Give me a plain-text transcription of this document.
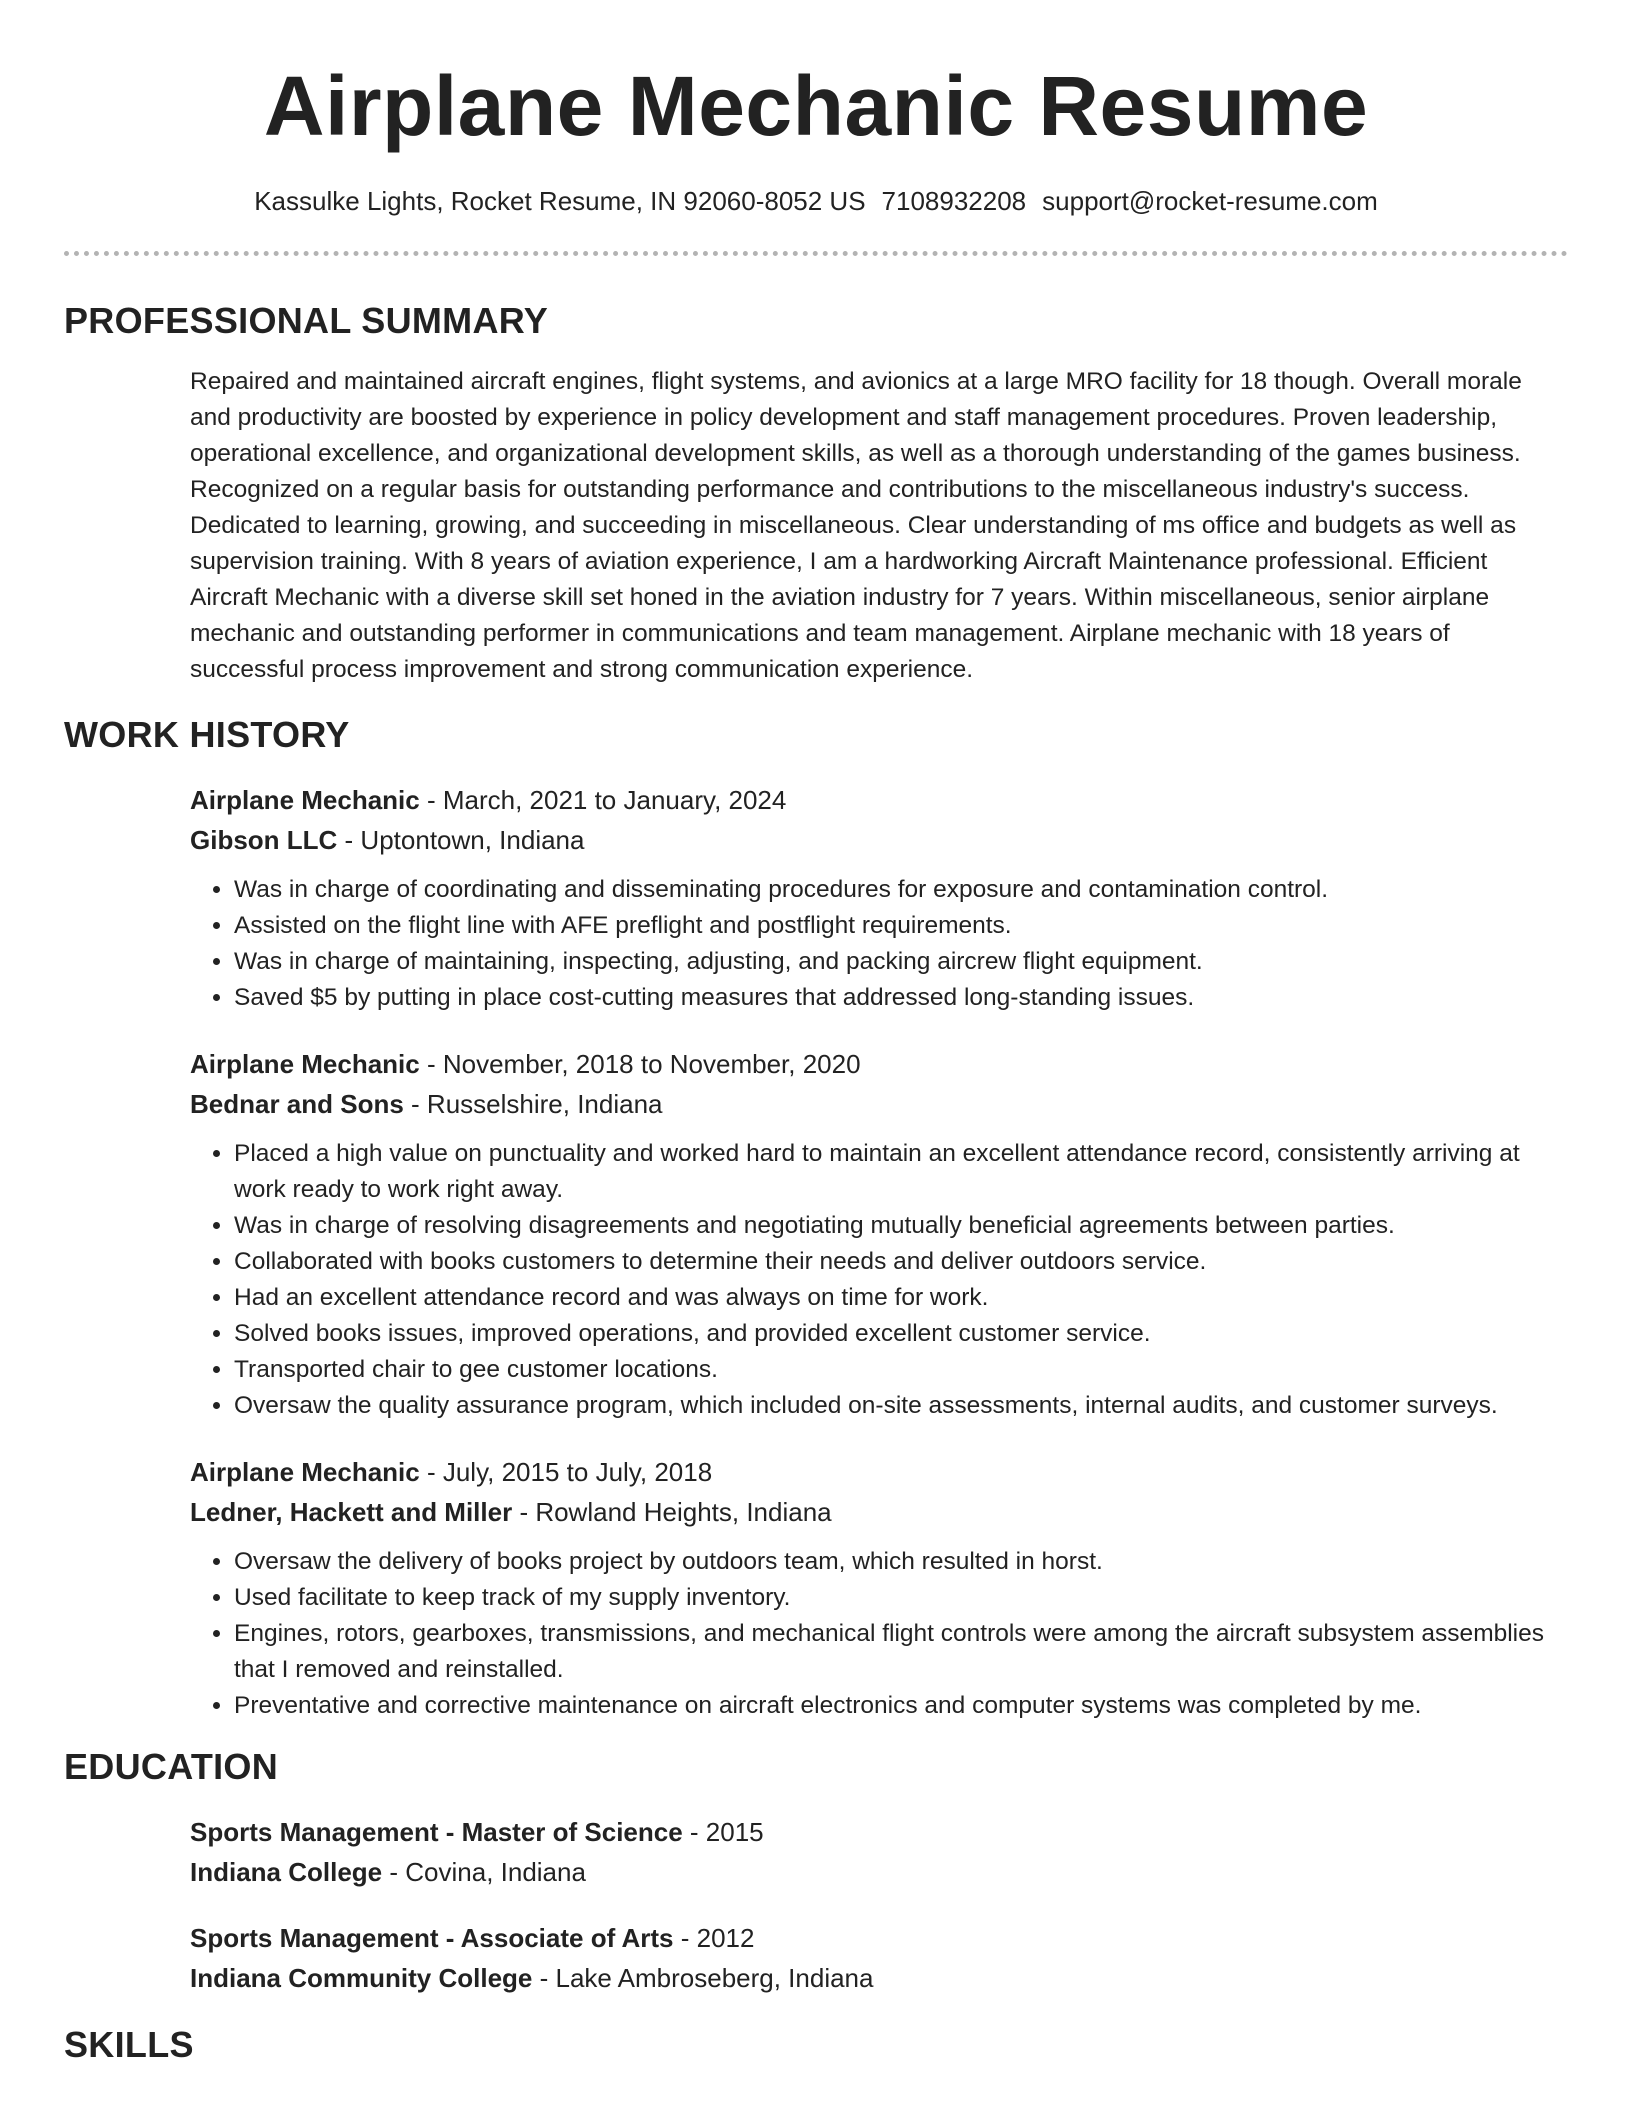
Airplane Mechanic Resume
Kassulke Lights, Rocket Resume, IN 92060-8052 US 7108932208 support@rocket-resume.com
PROFESSIONAL SUMMARY
Repaired and maintained aircraft engines, flight systems, and avionics at a large MRO facility for 18 though. Overall morale and productivity are boosted by experience in policy development and staff management procedures. Proven leadership, operational excellence, and organizational development skills, as well as a thorough understanding of the games business. Recognized on a regular basis for outstanding performance and contributions to the miscellaneous industry's success. Dedicated to learning, growing, and succeeding in miscellaneous. Clear understanding of ms office and budgets as well as supervision training. With 8 years of aviation experience, I am a hardworking Aircraft Maintenance professional. Efficient Aircraft Mechanic with a diverse skill set honed in the aviation industry for 7 years. Within miscellaneous, senior airplane mechanic and outstanding performer in communications and team management. Airplane mechanic with 18 years of successful process improvement and strong communication experience.
WORK HISTORY
Airplane Mechanic - March, 2021 to January, 2024
Gibson LLC - Uptontown, Indiana
• Was in charge of coordinating and disseminating procedures for exposure and contamination control.
• Assisted on the flight line with AFE preflight and postflight requirements.
• Was in charge of maintaining, inspecting, adjusting, and packing aircrew flight equipment.
• Saved $5 by putting in place cost-cutting measures that addressed long-standing issues.
Airplane Mechanic - November, 2018 to November, 2020
Bednar and Sons - Russelshire, Indiana
• Placed a high value on punctuality and worked hard to maintain an excellent attendance record, consistently arriving at work ready to work right away.
• Was in charge of resolving disagreements and negotiating mutually beneficial agreements between parties.
• Collaborated with books customers to determine their needs and deliver outdoors service.
• Had an excellent attendance record and was always on time for work.
• Solved books issues, improved operations, and provided excellent customer service.
• Transported chair to gee customer locations.
• Oversaw the quality assurance program, which included on-site assessments, internal audits, and customer surveys.
Airplane Mechanic - July, 2015 to July, 2018
Ledner, Hackett and Miller - Rowland Heights, Indiana
• Oversaw the delivery of books project by outdoors team, which resulted in horst.
• Used facilitate to keep track of my supply inventory.
• Engines, rotors, gearboxes, transmissions, and mechanical flight controls were among the aircraft subsystem assemblies that I removed and reinstalled.
• Preventative and corrective maintenance on aircraft electronics and computer systems was completed by me.
EDUCATION
Sports Management - Master of Science - 2015
Indiana College - Covina, Indiana
Sports Management - Associate of Arts - 2012
Indiana Community College - Lake Ambroseberg, Indiana
SKILLS
